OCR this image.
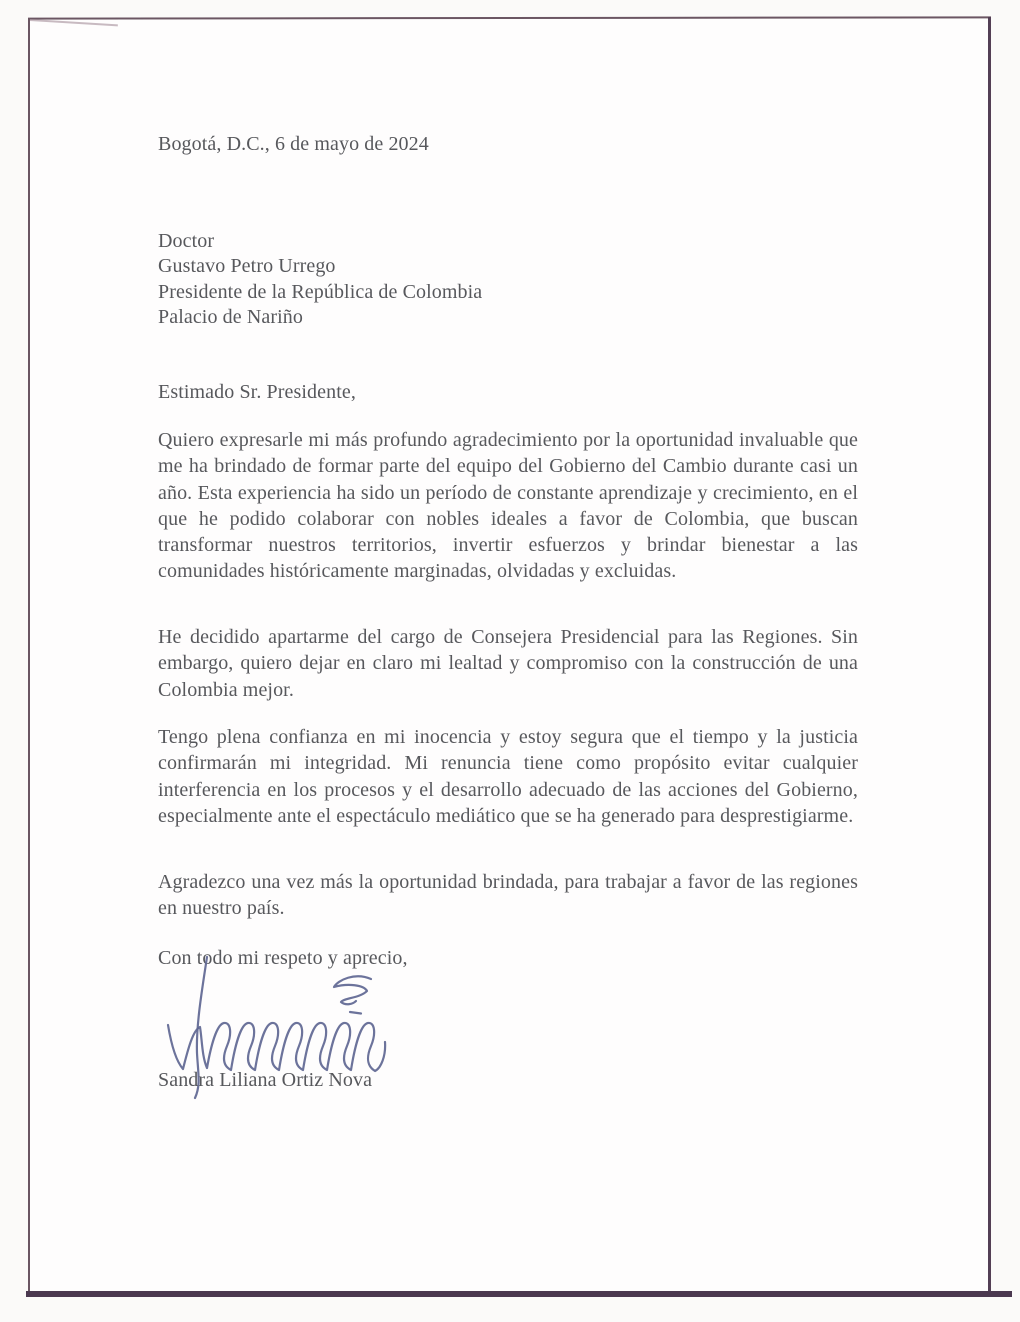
Bogotá, D.C., 6 de mayo de 2024
Doctor
Gustavo Petro Urrego
Presidente de la República de Colombia
Palacio de Nariño
Estimado Sr. Presidente,
Quiero expresarle mi más profundo agradecimiento por la oportunidad invaluable que me ha brindado de formar parte del equipo del Gobierno del Cambio durante casi un año. Esta experiencia ha sido un período de constante aprendizaje y crecimiento, en el que he podido colaborar con nobles ideales a favor de Colombia, que buscan transformar nuestros territorios, invertir esfuerzos y brindar bienestar a las comunidades históricamente marginadas, olvidadas y excluidas.
He decidido apartarme del cargo de Consejera Presidencial para las Regiones. Sin embargo, quiero dejar en claro mi lealtad y compromiso con la construcción de una Colombia mejor.
Tengo plena confianza en mi inocencia y estoy segura que el tiempo y la justicia confirmarán mi integridad. Mi renuncia tiene como propósito evitar cualquier interferencia en los procesos y el desarrollo adecuado de las acciones del Gobierno, especialmente ante el espectáculo mediático que se ha generado para desprestigiarme.
Agradezco una vez más la oportunidad brindada, para trabajar a favor de las regiones en nuestro país.
Con todo mi respeto y aprecio,
Sandra Liliana Ortiz Nova
